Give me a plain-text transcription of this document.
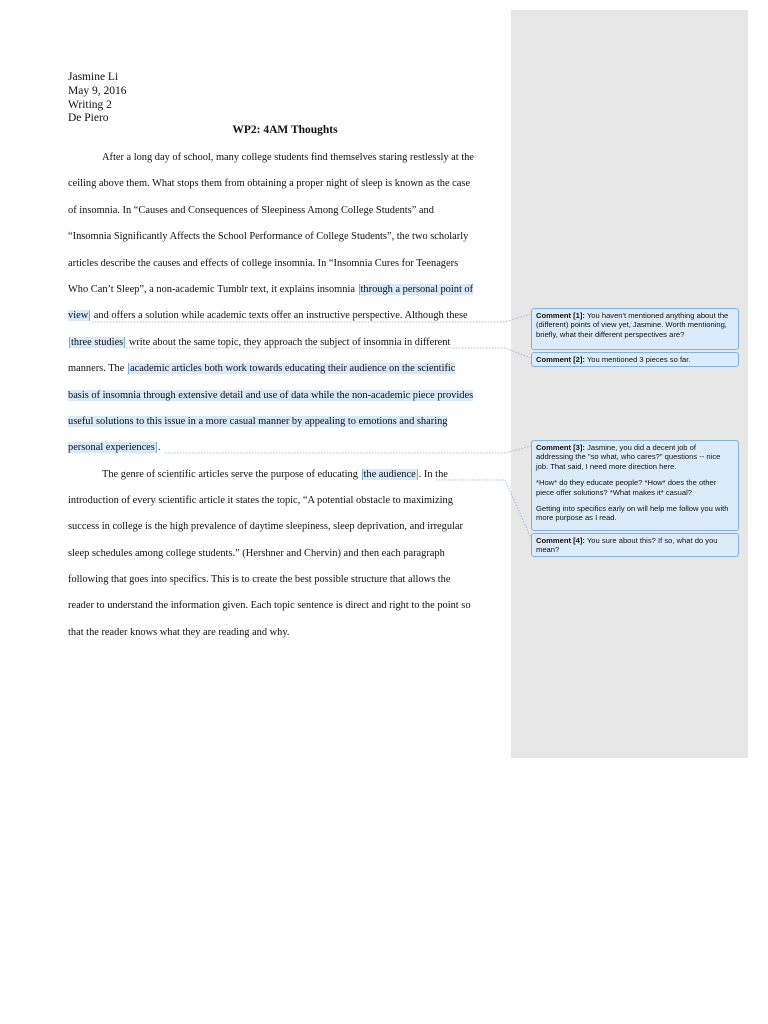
Jasmine Li
May 9, 2016
Writing 2
De Piero
WP2: 4AM Thoughts
After a long day of school, many college students find themselves staring restlessly at the
ceiling above them. What stops them from obtaining a proper night of sleep is known as the case
of insomnia. In “Causes and Consequences of Sleepiness Among College Students” and
“Insomnia Significantly Affects the School Performance of College Students”, the two scholarly
articles describe the causes and effects of college insomnia. In “Insomnia Cures for Teenagers
Who Can’t Sleep”, a non-academic Tumblr text, it explains insomnia through a personal point of
view and offers a solution while academic texts offer an instructive perspective. Although these
three studies write about the same topic, they approach the subject of insomnia in different
manners. The academic articles both work towards educating their audience on the scientific
basis of insomnia through extensive detail and use of data while the non-academic piece provides
useful solutions to this issue in a more casual manner by appealing to emotions and sharing
personal experiences .
The genre of scientific articles serve the purpose of educating the audience . In the
introduction of every scientific article it states the topic, “A potential obstacle to maximizing
success in college is the high prevalence of daytime sleepiness, sleep deprivation, and irregular
sleep schedules among college students.” (Hershner and Chervin) and then each paragraph
following that goes into specifics. This is to create the best possible structure that allows the
reader to understand the information given. Each topic sentence is direct and right to the point so
that the reader knows what they are reading and why.

Comment [1]: You haven't mentioned anything about the (different) points of view yet, Jasmine. Worth mentioning, briefly, what their different perspectives are?

Comment [2]: You mentioned 3 pieces so far.

Comment [3]: Jasmine, you did a decent job of addressing the "so what, who cares?" questions -- nice job. That said, I need more direction here.

*How* do they educate people? *How* does the other piece offer solutions? *What makes it* casual?

Getting into specifics early on will help me follow you with more purpose as I read.

Comment [4]: You sure about this? If so, what do you mean?
